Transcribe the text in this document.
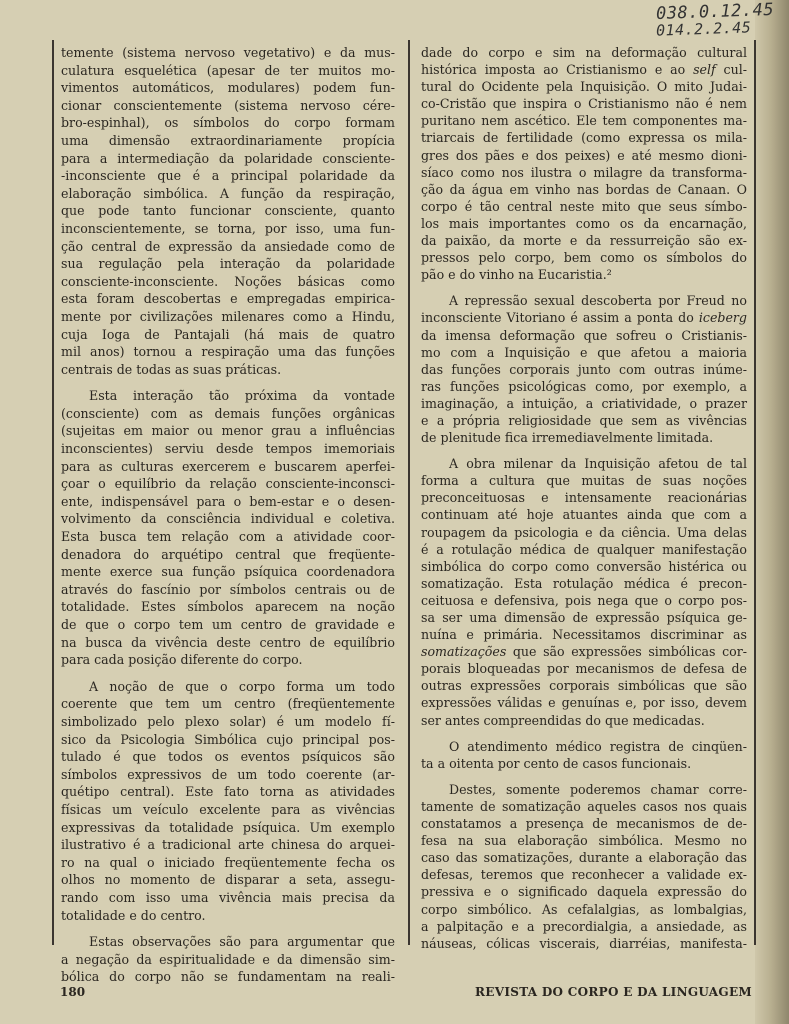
038.0.12.45
014.2.2.45
temente (sistema nervoso vegetativo) e da mus-
culatura esquelética (apesar de ter muitos mo-
vimentos automáticos, modulares) podem fun-
cionar conscientemente (sistema nervoso cére-
bro-espinhal), os símbolos do corpo formam
uma dimensão extraordinariamente propícia
para a intermediação da polaridade consciente-
-inconsciente que é a principal polaridade da
elaboração simbólica. A função da respiração,
que pode tanto funcionar consciente, quanto
inconscientemente, se torna, por isso, uma fun-
ção central de expressão da ansiedade como de
sua regulação pela interação da polaridade
consciente-inconsciente. Noções básicas como
esta foram descobertas e empregadas empirica-
mente por civilizações milenares como a Hindu,
cuja Ioga de Pantajali (há mais de quatro
mil anos) tornou a respiração uma das funções
centrais de todas as suas práticas.
Esta interação tão próxima da vontade
(consciente) com as demais funções orgânicas
(sujeitas em maior ou menor grau a influências
inconscientes) serviu desde tempos imemoriais
para as culturas exercerem e buscarem aperfei-
çoar o equilíbrio da relação consciente-inconsci-
ente, indispensável para o bem-estar e o desen-
volvimento da consciência individual e coletiva.
Esta busca tem relação com a atividade coor-
denadora do arquétipo central que freqüente-
mente exerce sua função psíquica coordenadora
através do fascínio por símbolos centrais ou de
totalidade. Estes símbolos aparecem na noção
de que o corpo tem um centro de gravidade e
na busca da vivência deste centro de equilíbrio
para cada posição diferente do corpo.
A noção de que o corpo forma um todo
coerente que tem um centro (freqüentemente
simbolizado pelo plexo solar) é um modelo fí-
sico da Psicologia Simbólica cujo principal pos-
tulado é que todos os eventos psíquicos são
símbolos expressivos de um todo coerente (ar-
quétipo central). Este fato torna as atividades
físicas um veículo excelente para as vivências
expressivas da totalidade psíquica. Um exemplo
ilustrativo é a tradicional arte chinesa do arquei-
ro na qual o iniciado freqüentemente fecha os
olhos no momento de disparar a seta, assegu-
rando com isso uma vivência mais precisa da
totalidade e do centro.
Estas observações são para argumentar que
a negação da espiritualidade e da dimensão sim-
bólica do corpo não se fundamentam na reali-
dade do corpo e sim na deformação cultural
histórica imposta ao Cristianismo e ao self cul-
tural do Ocidente pela Inquisição. O mito Judai-
co-Cristão que inspira o Cristianismo não é nem
puritano nem ascético. Ele tem componentes ma-
triarcais de fertilidade (como expressa os mila-
gres dos pães e dos peixes) e até mesmo dioni-
síaco como nos ilustra o milagre da transforma-
ção da água em vinho nas bordas de Canaan. O
corpo é tão central neste mito que seus símbo-
los mais importantes como os da encarnação,
da paixão, da morte e da ressurreição são ex-
pressos pelo corpo, bem como os símbolos do
pão e do vinho na Eucaristia.²
A repressão sexual descoberta por Freud no
inconsciente Vitoriano é assim a ponta do iceberg
da imensa deformação que sofreu o Cristianis-
mo com a Inquisição e que afetou a maioria
das funções corporais junto com outras inúme-
ras funções psicológicas como, por exemplo, a
imaginação, a intuição, a criatividade, o prazer
e a própria religiosidade que sem as vivências
de plenitude fica irremediavelmente limitada.
A obra milenar da Inquisição afetou de tal
forma a cultura que muitas de suas noções
preconceituosas e intensamente reacionárias
continuam até hoje atuantes ainda que com a
roupagem da psicologia e da ciência. Uma delas
é a rotulação médica de qualquer manifestação
simbólica do corpo como conversão histérica ou
somatização. Esta rotulação médica é precon-
ceituosa e defensiva, pois nega que o corpo pos-
sa ser uma dimensão de expressão psíquica ge-
nuína e primária. Necessitamos discriminar as
somatizações que são expressões simbólicas cor-
porais bloqueadas por mecanismos de defesa de
outras expressões corporais simbólicas que são
expressões válidas e genuínas e, por isso, devem
ser antes compreendidas do que medicadas.
O atendimento médico registra de cinqüen-
ta a oitenta por cento de casos funcionais.
Destes, somente poderemos chamar corre-
tamente de somatização aqueles casos nos quais
constatamos a presença de mecanismos de de-
fesa na sua elaboração simbólica. Mesmo no
caso das somatizações, durante a elaboração das
defesas, teremos que reconhecer a validade ex-
pressiva e o significado daquela expressão do
corpo simbólico. As cefalalgias, as lombalgias,
a palpitação e a precordialgia, a ansiedade, as
náuseas, cólicas viscerais, diarréias, manifesta-
180	REVISTA DO CORPO E DA LINGUAGEM
